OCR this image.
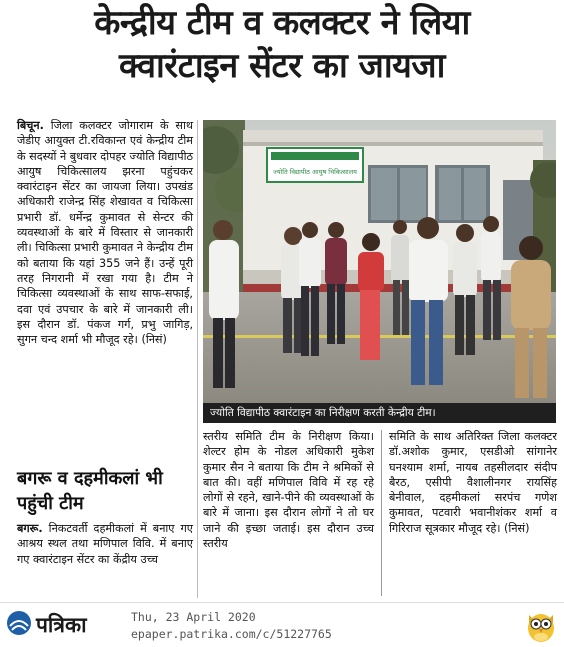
केन्द्रीय टीम व कलक्टर ने लिया
क्वारंटाइन सेंटर का जायजा
बिचून. जिला कलक्टर जोगाराम के साथ जेडीए आयुक्त टी.रविकान्त एवं केन्द्रीय टीम के सदस्यों ने बुधवार दोपहर ज्योति विद्यापीठ आयुष चिकित्सालय झरना पहुंचकर क्वारंटाइन सेंटर का जायजा लिया। उपखंड अधिकारी राजेन्द्र सिंह शेखावत व चिकित्सा प्रभारी डॉ. धर्मेन्द्र कुमावत से सेन्टर की व्यवस्थाओं के बारे में विस्तार से जानकारी ली। चिकित्सा प्रभारी कुमावत ने केन्द्रीय टीम को बताया कि यहां 355 जने हैं। उन्हें पूरी तरह निगरानी में रखा गया है। टीम ने चिकित्सा व्यवस्थाओं के साथ साफ-सफाई, दवा एवं उपचार के बारे में जानकारी ली। इस दौरान डॉ. पंकज गर्ग, प्रभु जागिड़, सुगन चन्द शर्मा भी मौजूद रहे। (निसं)
बगरू व दहमीकलां भी पहुंची टीम
बगरू. निकटवर्ती दहमीकलां में बनाए गए आश्रय स्थल तथा मणिपाल विवि. में बनाए गए क्वारंटाइन सेंटर का केंद्रीय उच्च
ज्योति विद्यापीठ आयुष चिकित्सालय
ज्योति विद्यापीठ क्वारंटाइन का निरीक्षण करती केन्द्रीय टीम।
स्तरीय समिति टीम के निरीक्षण किया। शेल्टर होम के नोडल अधिकारी मुकेश कुमार सैन ने बताया कि टीम ने श्रमिकों से बात की। वहीं मणिपाल विवि में रह रहे लोगों से रहने, खाने-पीने की व्यवस्थाओं के बारे में जाना। इस दौरान लोगों ने तो घर जाने की इच्छा जताई। इस दौरान उच्च स्तरीय
समिति के साथ अतिरिक्त जिला कलक्टर डॉ.अशोक कुमार, एसडीओ सांगानेर घनश्याम शर्मा, नायब तहसीलदार संदीप बैरठ, एसीपी वैशालीनगर रायसिंह बेनीवाल, दहमीकलां सरपंच गणेश कुमावत, पटवारी भवानीशंकर शर्मा व गिरिराज सूत्रकार मौजूद रहे। (निसं)
पत्रिका	Thu, 23 April 2020
epaper.patrika.com/c/51227765
